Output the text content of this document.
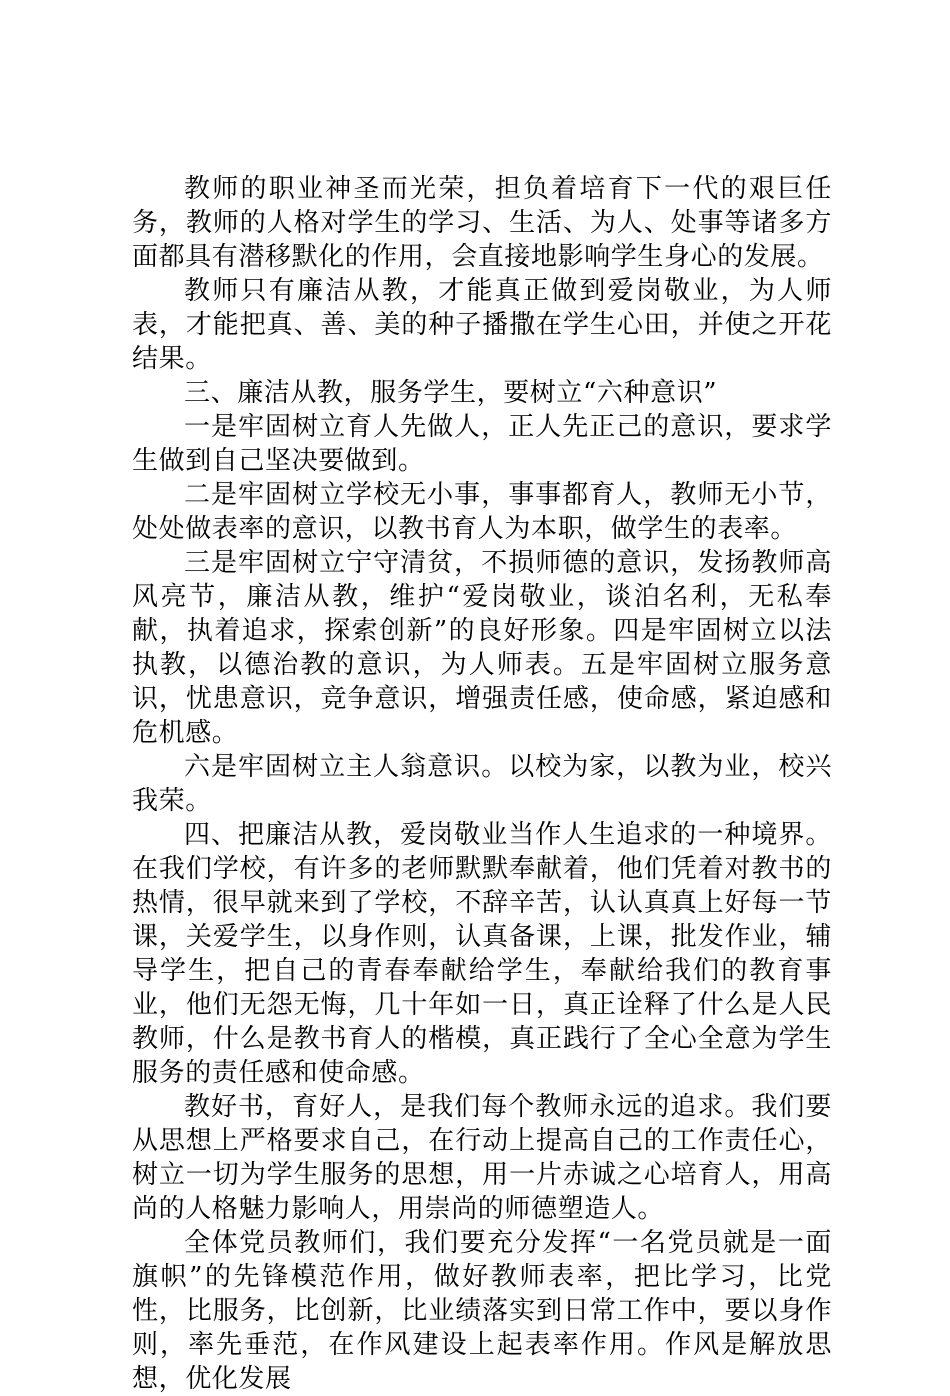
教师的职业神圣而光荣，担负着培育下一代的艰巨任务，教师的人格对学生的学习、生活、为人、处事等诸多方面都具有潜移默化的作用，会直接地影响学生身心的发展。

教师只有廉洁从教，才能真正做到爱岗敬业，为人师表，才能把真、善、美的种子播撒在学生心田，并使之开花结果。

三、廉洁从教，服务学生，要树立“六种意识”

一是牢固树立育人先做人，正人先正己的意识，要求学生做到自己坚决要做到。

二是牢固树立学校无小事，事事都育人，教师无小节，处处做表率的意识，以教书育人为本职，做学生的表率。

三是牢固树立宁守清贫，不损师德的意识，发扬教师高风亮节，廉洁从教，维护“爱岗敬业，谈泊名利，无私奉献，执着追求，探索创新”的良好形象。四是牢固树立以法执教，以德治教的意识，为人师表。五是牢固树立服务意识，忧患意识，竞争意识，增强责任感，使命感，紧迫感和危机感。

六是牢固树立主人翁意识。以校为家，以教为业，校兴我荣。

四、把廉洁从教，爱岗敬业当作人生追求的一种境界。在我们学校，有许多的老师默默奉献着，他们凭着对教书的热情，很早就来到了学校，不辞辛苦，认认真真上好每一节课，关爱学生，以身作则，认真备课，上课，批发作业，辅导学生，把自己的青春奉献给学生，奉献给我们的教育事业，他们无怨无悔，几十年如一日，真正诠释了什么是人民教师，什么是教书育人的楷模，真正践行了全心全意为学生服务的责任感和使命感。

教好书，育好人，是我们每个教师永远的追求。我们要从思想上严格要求自己，在行动上提高自己的工作责任心，树立一切为学生服务的思想，用一片赤诚之心培育人，用高尚的人格魅力影响人，用崇尚的师德塑造人。

全体党员教师们，我们要充分发挥“一名党员就是一面旗帜”的先锋模范作用，做好教师表率，把比学习，比党性，比服务，比创新，比业绩落实到日常工作中，要以身作则，率先垂范，在作风建设上起表率作用。作风是解放思想，优化发展
